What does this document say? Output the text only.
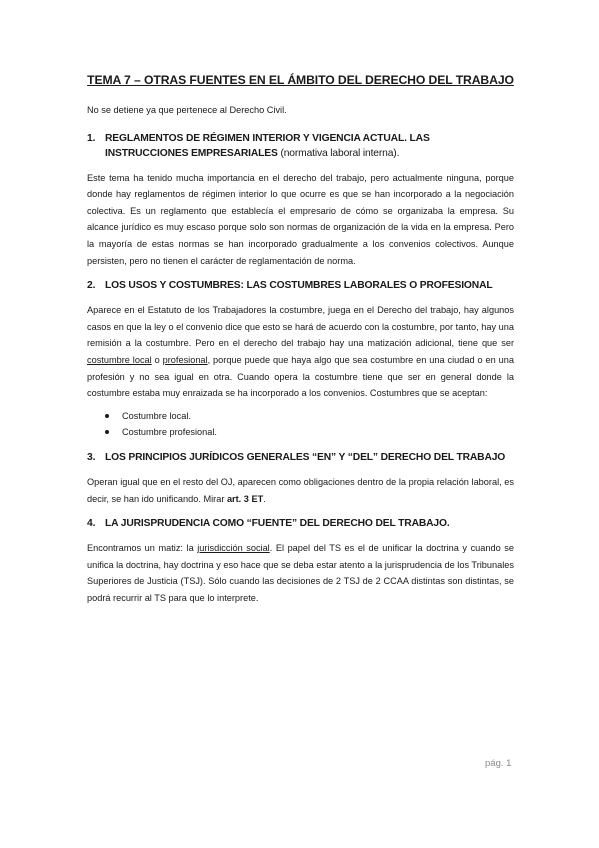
TEMA 7 – OTRAS FUENTES EN EL ÁMBITO DEL DERECHO DEL TRABAJO

No se detiene ya que pertenece al Derecho Civil.

1. REGLAMENTOS DE RÉGIMEN INTERIOR Y VIGENCIA ACTUAL. LAS INSTRUCCIONES EMPRESARIALES (normativa laboral interna).

Este tema ha tenido mucha importancia en el derecho del trabajo, pero actualmente ninguna, porque donde hay reglamentos de régimen interior lo que ocurre es que se han incorporado a la negociación colectiva. Es un reglamento que establecía el empresario de cómo se organizaba la empresa. Su alcance jurídico es muy escaso porque solo son normas de organización de la vida en la empresa. Pero la mayoría de estas normas se han incorporado gradualmente a los convenios colectivos. Aunque persisten, pero no tienen el carácter de reglamentación de norma.

2. LOS USOS Y COSTUMBRES: LAS COSTUMBRES LABORALES O PROFESIONAL

Aparece en el Estatuto de los Trabajadores la costumbre, juega en el Derecho del trabajo, hay algunos casos en que la ley o el convenio dice que esto se hará de acuerdo con la costumbre, por tanto, hay una remisión a la costumbre. Pero en el derecho del trabajo hay una matización adicional, tiene que ser costumbre local o profesional, porque puede que haya algo que sea costumbre en una ciudad o en una profesión y no sea igual en otra. Cuando opera la costumbre tiene que ser en general donde la costumbre estaba muy enraizada se ha incorporado a los convenios. Costumbres que se aceptan:

Costumbre local.
Costumbre profesional.
3. LOS PRINCIPIOS JURÍDICOS GENERALES “EN” Y “DEL” DERECHO DEL TRABAJO

Operan igual que en el resto del OJ, aparecen como obligaciones dentro de la propia relación laboral, es decir, se han ido unificando. Mirar art. 3 ET.

4. LA JURISPRUDENCIA COMO “FUENTE” DEL DERECHO DEL TRABAJO.

Encontramos un matiz: la jurisdicción social. El papel del TS es el de unificar la doctrina y cuando se unifica la doctrina, hay doctrina y eso hace que se deba estar atento a la jurisprudencia de los Tribunales Superiores de Justicia (TSJ). Sólo cuando las decisiones de 2 TSJ de 2 CCAA distintas son distintas, se podrá recurrir al TS para que lo interprete.

pág. 1
